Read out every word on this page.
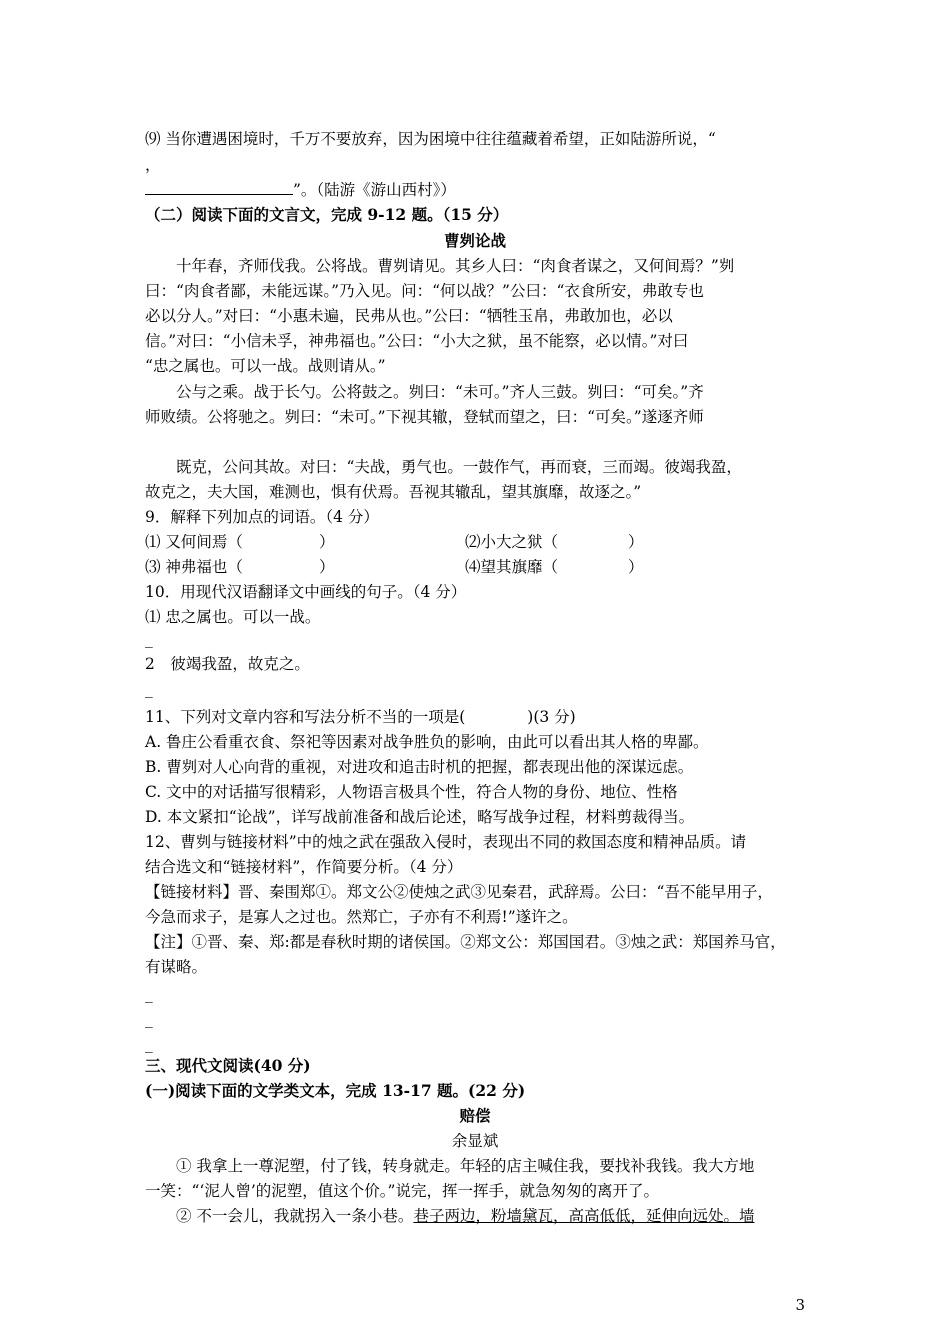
⑼ 当你遭遇困境时，千万不要放弃，因为困境中往往蕴藏着希望，正如陆游所说，“
，
”。（陆游《游山西村》）
（二）阅读下面的文言文，完成 9-12 题。（15 分）
曹刿论战
十年春，齐师伐我。公将战。曹刿请见。其乡人曰：“肉食者谋之，又何间焉？”刿
曰：“肉食者鄙，未能远谋。”乃入见。问：“何以战？”公曰：“衣食所安，弗敢专也
必以分人。”对曰：“小惠未遍，民弗从也。”公曰：“牺牲玉帛，弗敢加也，必以
信。”对曰：“小信未孚，神弗福也。”公曰：“小大之狱，虽不能察，必以情。”对曰
“忠之属也。可以一战。战则请从。”
公与之乘。战于长勺。公将鼓之。刿曰：“未可。”齐人三鼓。刿曰：“可矣。”齐
师败绩。公将驰之。刿曰：“未可。”下视其辙，登轼而望之，曰：“可矣。”遂逐齐师
既克，公问其故。对曰：“夫战，勇气也。一鼓作气，再而衰，三而竭。彼竭我盈，
故克之，夫大国，难测也，惧有伏焉。吾视其辙乱，望其旗靡，故逐之。”
9．解释下列加点的词语。（4 分）
⑴ 又何间焉（	）	⑵小大之狱（	）
⑶ 神弗福也（	）	⑷望其旗靡（	）
10．用现代汉语翻译文中画线的句子。（4 分）
⑴ 忠之属也。可以一战。
_
2　彼竭我盈，故克之。
_
11、下列对文章内容和写法分析不当的一项是(　　　　)(3 分)
A. 鲁庄公看重衣食、祭祀等因素对战争胜负的影响，由此可以看出其人格的卑鄙。
B. 曹刿对人心向背的重视，对进攻和追击时机的把握，都表现出他的深谋远虑。
C. 文中的对话描写很精彩，人物语言极具个性，符合人物的身份、地位、性格
D. 本文紧扣“论战”，详写战前准备和战后论述，略写战争过程，材料剪裁得当。
12、曹刿与链接材料”中的烛之武在强敌入侵时，表现出不同的救国态度和精神品质。请
结合选文和“链接材料”，作简要分析。（4 分）
【链接材料】晋、秦围郑①。郑文公②使烛之武③见秦君，武辞焉。公曰：“吾不能早用子，
今急而求子，是寡人之过也。然郑亡，子亦有不利焉!”遂许之。
【注】①晋、秦、郑:都是春秋时期的诸侯国。②郑文公：郑国国君。③烛之武：郑国养马官，
有谋略。
_
_
_
三、现代文阅读(40 分)
(一)阅读下面的文学类文本，完成 13-17 题。(22 分)
赔偿
余显斌
① 我拿上一尊泥塑，付了钱，转身就走。年轻的店主喊住我，要找补我钱。我大方地
一笑：“‘泥人曾’的泥塑，值这个价。”说完，挥一挥手，就急匆匆的离开了。
② 不一会儿，我就拐入一条小巷。巷子两边，粉墙黛瓦，高高低低，延伸向远处。墙
3
